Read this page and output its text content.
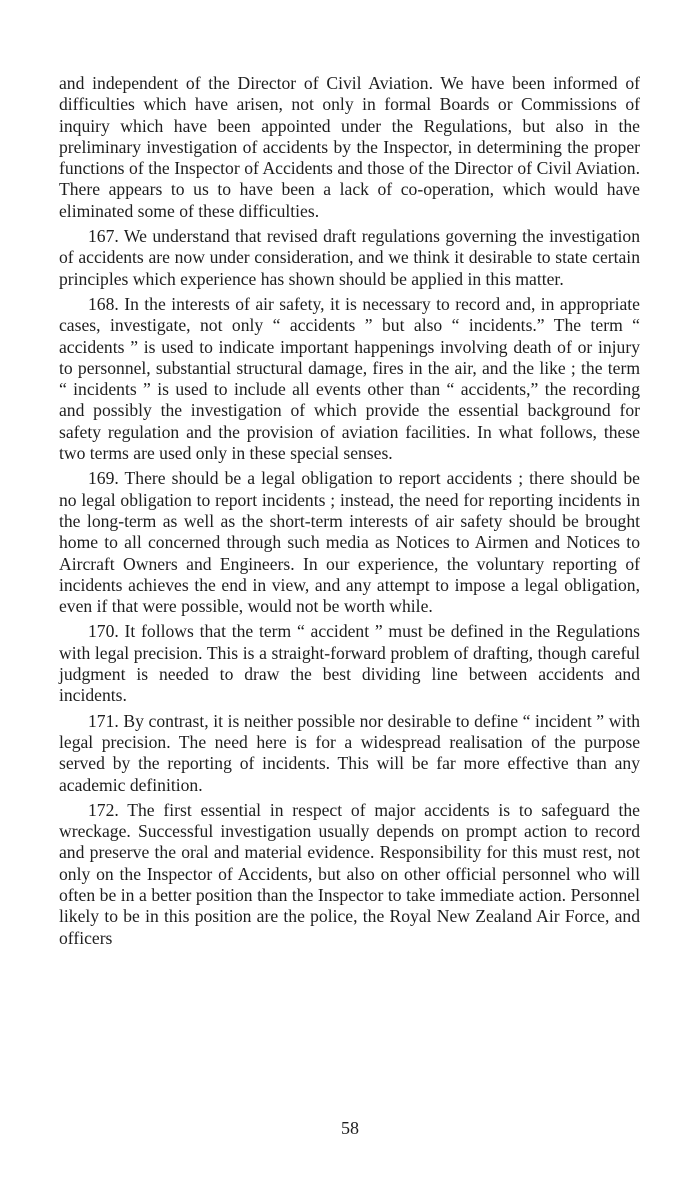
and independent of the Director of Civil Aviation. We have been informed of difficulties which have arisen, not only in formal Boards or Commissions of inquiry which have been appointed under the Regulations, but also in the preliminary investigation of accidents by the Inspector, in determining the proper functions of the Inspector of Accidents and those of the Director of Civil Aviation. There appears to us to have been a lack of co-operation, which would have eliminated some of these difficulties.

167. We understand that revised draft regulations governing the investigation of accidents are now under consideration, and we think it desirable to state certain principles which experience has shown should be applied in this matter.

168. In the interests of air safety, it is necessary to record and, in appropriate cases, investigate, not only “ accidents ” but also “ incidents.” The term “ accidents ” is used to indicate important happenings involving death of or injury to personnel, substantial structural damage, fires in the air, and the like ; the term “ incidents ” is used to include all events other than “ accidents,” the recording and possibly the investigation of which provide the essential background for safety regulation and the provision of aviation facilities. In what follows, these two terms are used only in these special senses.

169. There should be a legal obligation to report accidents ; there should be no legal obligation to report incidents ; instead, the need for reporting incidents in the long-term as well as the short-term interests of air safety should be brought home to all concerned through such media as Notices to Airmen and Notices to Aircraft Owners and Engineers. In our experience, the voluntary reporting of incidents achieves the end in view, and any attempt to impose a legal obligation, even if that were possible, would not be worth while.

170. It follows that the term “ accident ” must be defined in the Regulations with legal precision. This is a straight-forward problem of drafting, though careful judgment is needed to draw the best dividing line between accidents and incidents.

171. By contrast, it is neither possible nor desirable to define “ incident ” with legal precision. The need here is for a widespread realisation of the purpose served by the reporting of incidents. This will be far more effective than any academic definition.

172. The first essential in respect of major accidents is to safeguard the wreckage. Successful investigation usually depends on prompt action to record and preserve the oral and material evidence. Responsibility for this must rest, not only on the Inspector of Accidents, but also on other official personnel who will often be in a better position than the Inspector to take immediate action. Personnel likely to be in this position are the police, the Royal New Zealand Air Force, and officers

58
